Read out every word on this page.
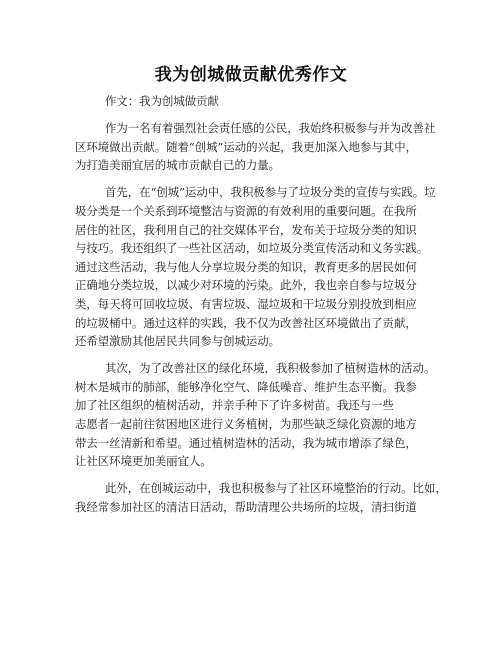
我为创城做贡献优秀作文

作文：我为创城做贡献

作为一名有着强烈社会责任感的公民，我始终积极参与并为改善社
区环境做出贡献。随着“创城”运动的兴起，我更加深入地参与其中，
为打造美丽宜居的城市贡献自己的力量。

首先，在“创城”运动中，我积极参与了垃圾分类的宣传与实践。垃
圾分类是一个关系到环境整洁与资源的有效利用的重要问题。在我所
居住的社区，我利用自己的社交媒体平台，发布关于垃圾分类的知识
与技巧。我还组织了一些社区活动，如垃圾分类宣传活动和义务实践。
通过这些活动，我与他人分享垃圾分类的知识，教育更多的居民如何
正确地分类垃圾，以减少对环境的污染。此外，我也亲自参与垃圾分
类，每天将可回收垃圾、有害垃圾、湿垃圾和干垃圾分别投放到相应
的垃圾桶中。通过这样的实践，我不仅为改善社区环境做出了贡献，
还希望激励其他居民共同参与创城运动。

其次，为了改善社区的绿化环境，我积极参加了植树造林的活动。
树木是城市的肺部，能够净化空气、降低噪音、维护生态平衡。我参
加了社区组织的植树活动，并亲手种下了许多树苗。我还与一些
志愿者一起前往贫困地区进行义务植树，为那些缺乏绿化资源的地方
带去一丝清新和希望。通过植树造林的活动，我为城市增添了绿色，
让社区环境更加美丽宜人。

此外，在创城运动中，我也积极参与了社区环境整治的行动。比如，
我经常参加社区的清洁日活动，帮助清理公共场所的垃圾，清扫街道
